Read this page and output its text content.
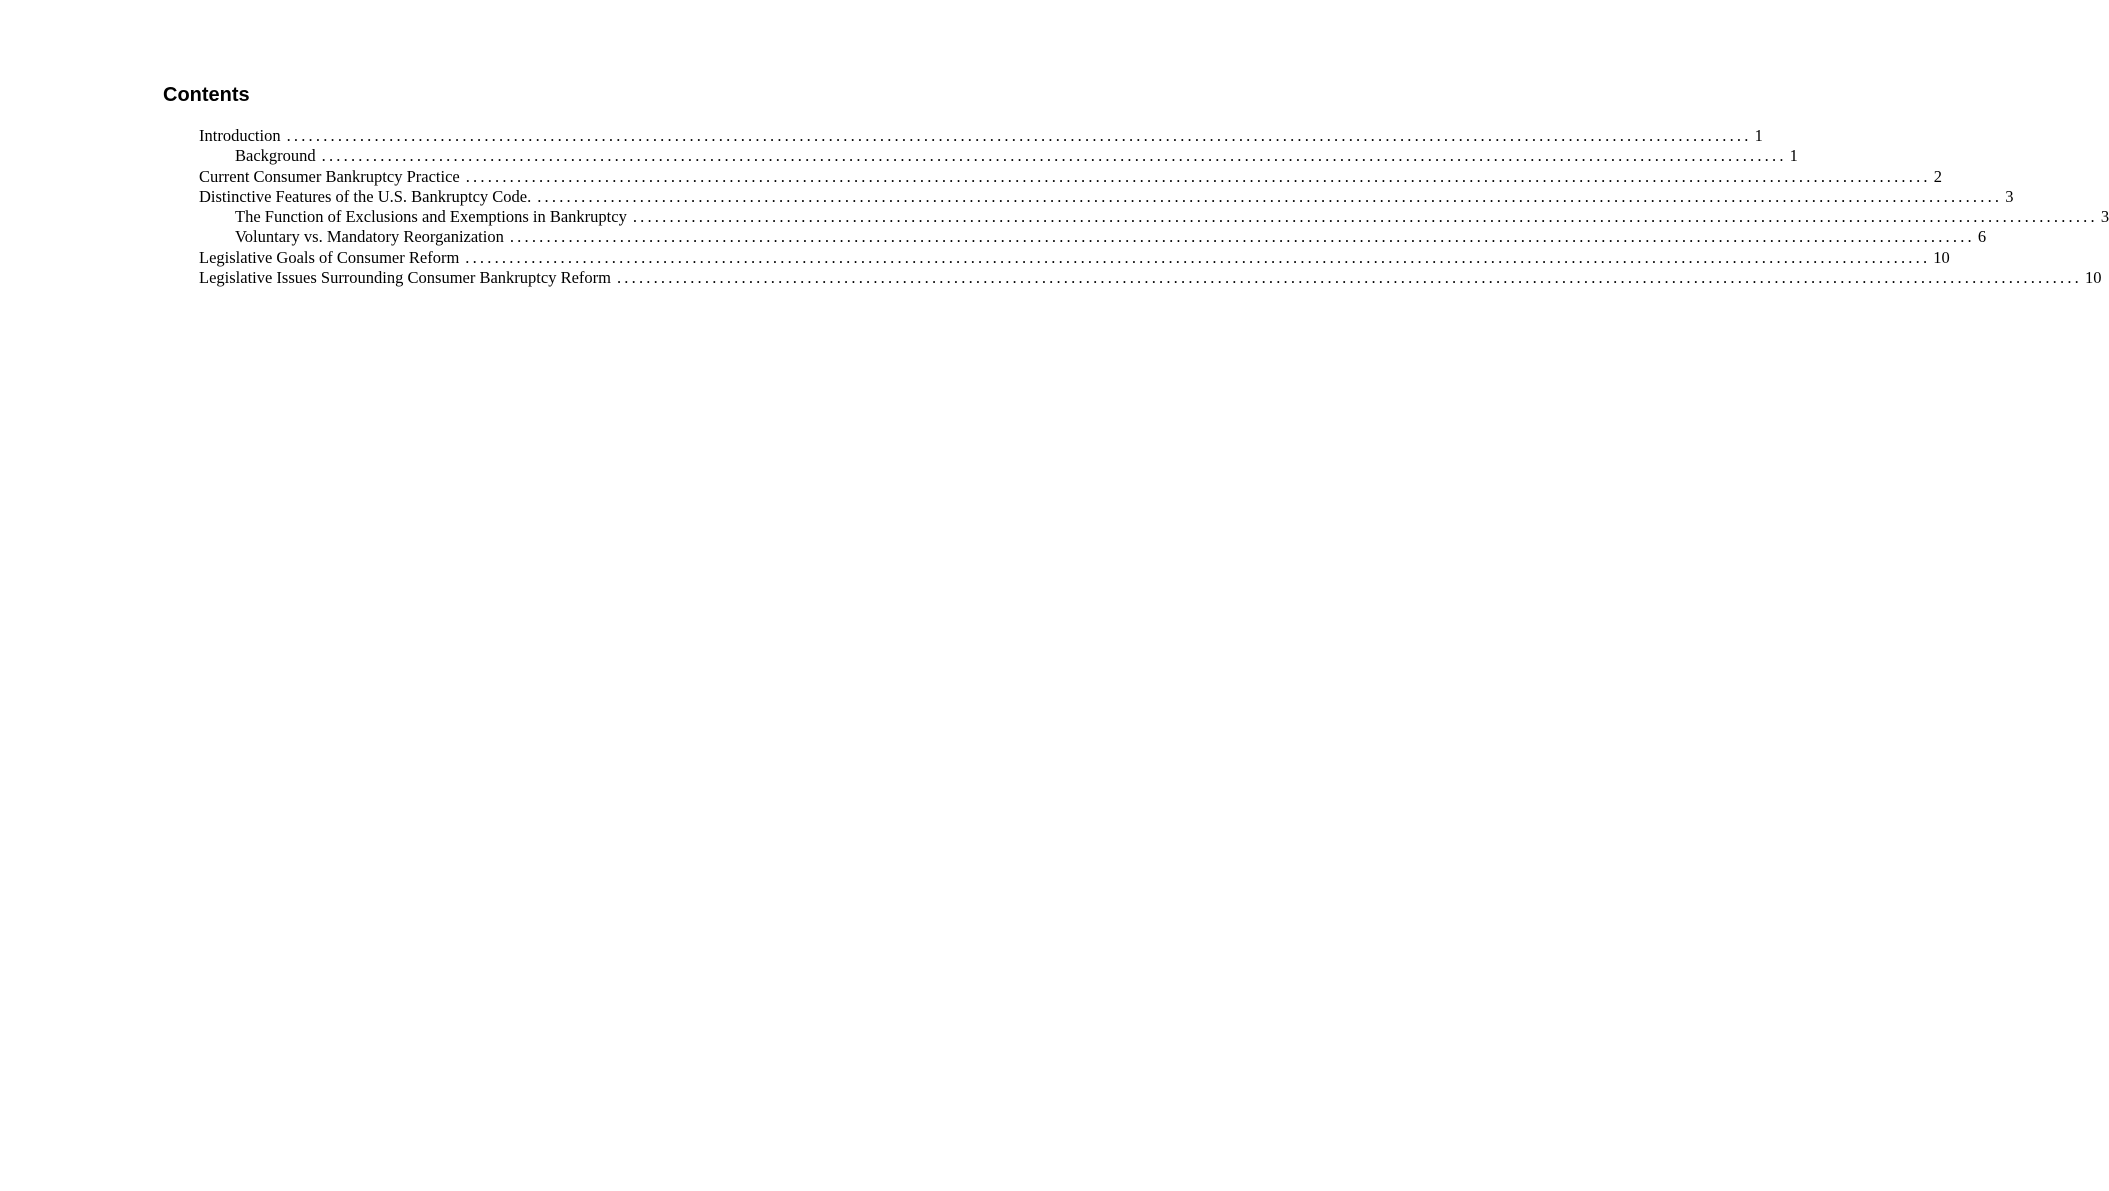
Contents
Introduction ........................................................................................................................................................................................................ 1
Background ........................................................................................................................................................................................................ 1
Current Consumer Bankruptcy Practice ........................................................................................................................................................................................................ 2
Distinctive Features of the U.S. Bankruptcy Code. ........................................................................................................................................................................................................ 3
The Function of Exclusions and Exemptions in Bankruptcy ........................................................................................................................................................................................................ 3
Voluntary vs. Mandatory Reorganization ........................................................................................................................................................................................................ 6
Legislative Goals of Consumer Reform ........................................................................................................................................................................................................ 10
Legislative Issues Surrounding Consumer Bankruptcy Reform ........................................................................................................................................................................................................ 10
